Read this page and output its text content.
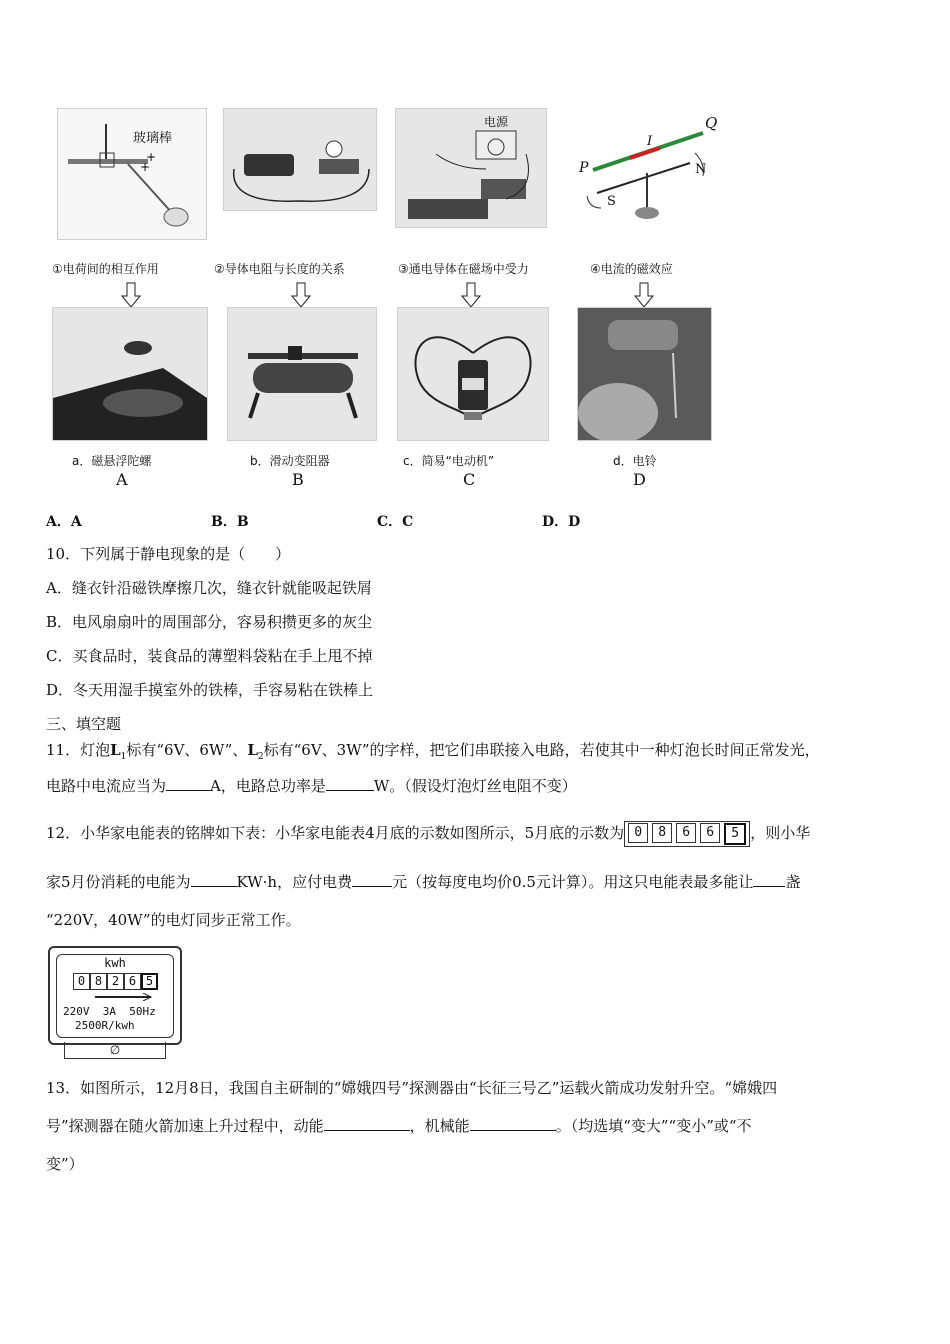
+
+
玻璃棒
电源	Q
I
P	N
S
①电荷间的相互作用	②导体电阻与长度的关系	③通电导体在磁场中受力	④电流的磁效应
a．磁悬浮陀螺	b．滑动变阻器	c．简易“电动机”	d．电铃
A	B	C	D
A．A	B．B	C．C	D．D
10．下列属于静电现象的是（　　）
A．缝衣针沿磁铁摩擦几次，缝衣针就能吸起铁屑
B．电风扇扇叶的周围部分，容易积攒更多的灰尘
C．买食品时，装食品的薄塑料袋粘在手上甩不掉
D．冬天用湿手摸室外的铁棒，手容易粘在铁棒上
三、填空题
11．灯泡$L_1$标有“6V、6W”、$L_2$标有“6V、3W”的字样，把它们串联接入电路，若使其中一种灯泡长时间正常发光，
电路中电流应当为	A，电路总功率是	W。（假设灯泡灯丝电阻不变）
12．小华家电能表的铭牌如下表：小华家电能表4月底的示数如图所示，5月底的示数为 0	8	6	6	5 ，则小华
家5月份消耗的电能为	KW·h，应付电费	元（按每度电均价0.5元计算）。用这只电能表最多能让 盏
“220V，40W”的电灯同步正常工作。
kwh
0 8 2 6 5
220V  3A  50Hz
2500R/kwh
∅
13．如图所示，12月8日，我国自主研制的“嫦娥四号”探测器由“长征三号乙”运载火箭成功发射升空。“嫦娥四
号”探测器在随火箭加速上升过程中，动能	，机械能	。（均选填“变大”“变小”或“不
变”）
